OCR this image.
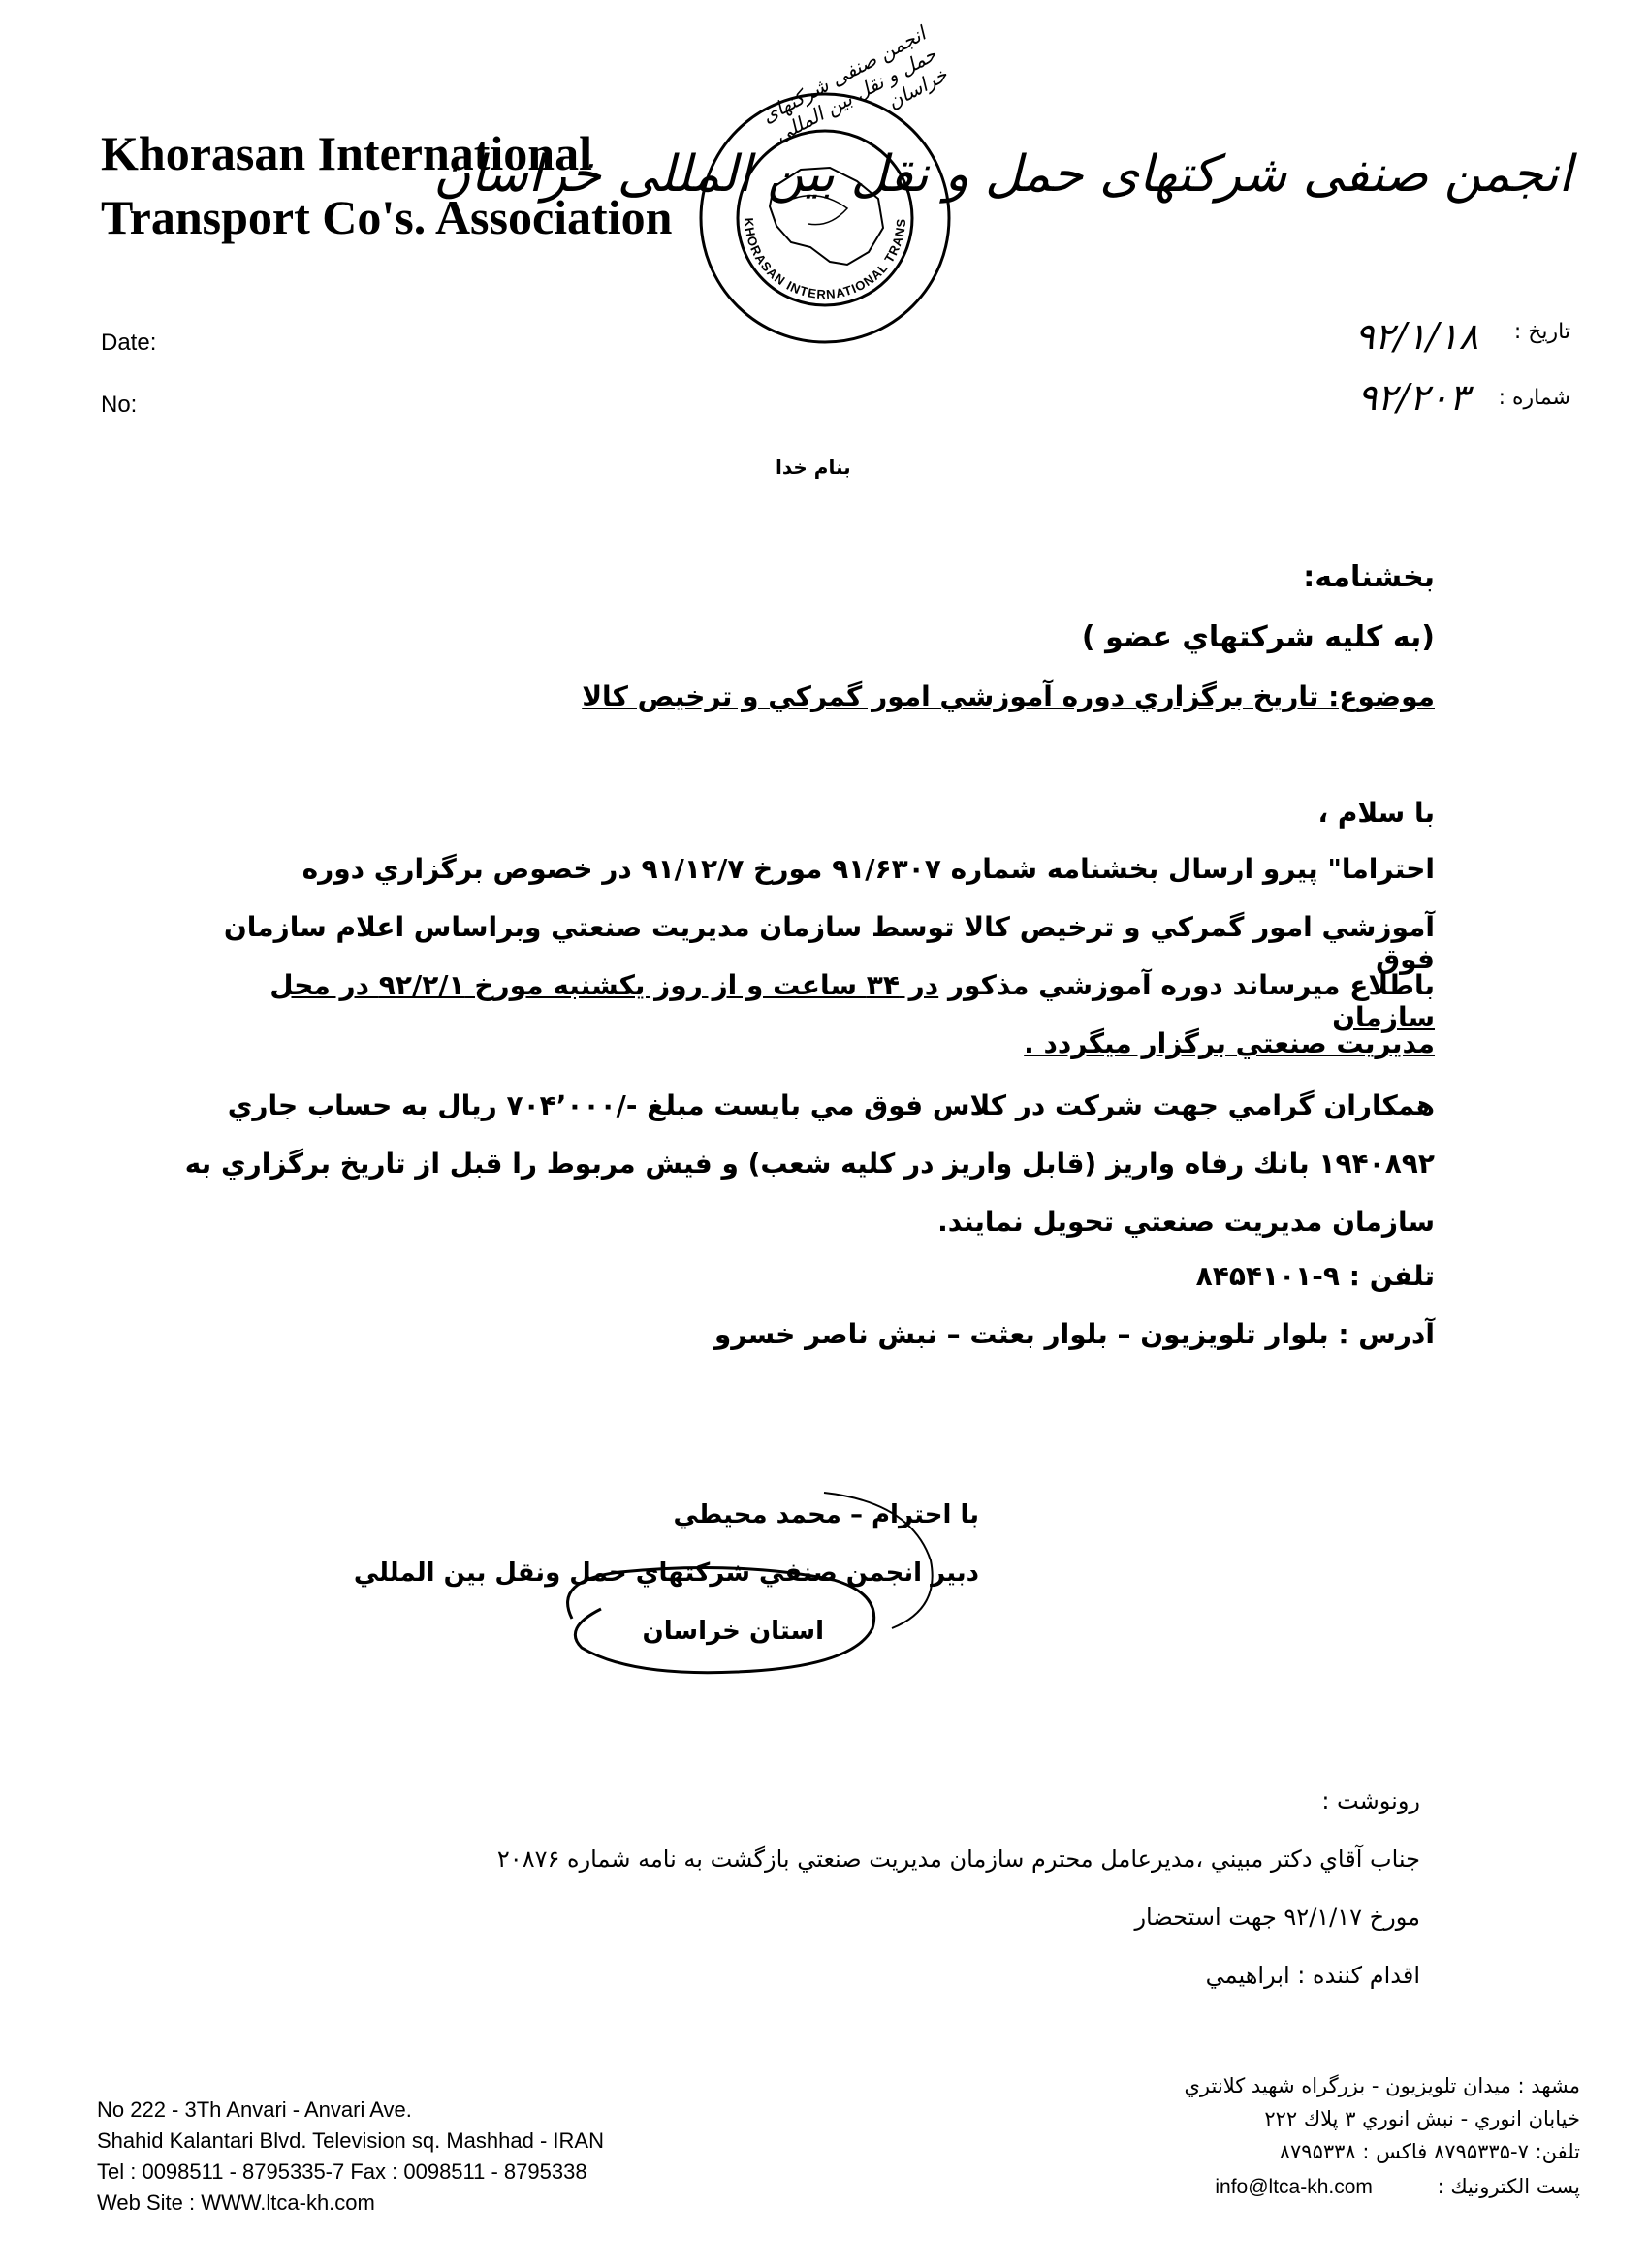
Khorasan International
Transport Co's. Association
Date:
No:
KHORASAN INTERNATIONAL TRANS
انجمن صنفی شرکتهای حمل و نقل بین المللی خراسان
انجمن صنفی شرکتهای حمل و نقل بین المللی خراسان
تاریخ :
۹۲/۱/۱۸
شماره :
۹۲/۲۰۳
بنام خدا
بخشنامه:
(به كليه شركتهاي عضو )
موضوع: تاريخ برگزاري دوره آموزشي امور گمركي و ترخيص كالا
با سلام ،
احتراما" پيرو ارسال بخشنامه شماره ۹۱/۶۳۰۷ مورخ ۹۱/۱۲/۷ در خصوص برگزاري دوره
آموزشي امور گمركي و ترخيص كالا توسط سازمان مديريت صنعتي وبراساس اعلام سازمان فوق
باطلاع ميرساند دوره آموزشي مذكور در ۳۴ ساعت و از روز يكشنبه مورخ ۹۲/۲/۱ در محل سازمان
مديريت صنعتي برگزار ميگردد .
همكاران گرامي جهت شركت در كلاس فوق مي بايست مبلغ -/۷۰۴٬۰۰۰ ريال به حساب جاري
۱۹۴۰۸۹۲ بانك رفاه واريز (قابل واريز در كليه شعب) و فيش مربوط را قبل از تاريخ برگزاري به
سازمان مديريت صنعتي تحويل نمايند.
تلفن : ۹-۸۴۵۴۱۰۱
آدرس : بلوار تلويزيون – بلوار بعثت – نبش ناصر خسرو
با احترام – محمد محيطي
دبير انجمن صنفي شركتهاي حمل ونقل بين المللي
استان خراسان
رونوشت :
جناب آقاي دكتر مبيني ،مديرعامل محترم سازمان مديريت صنعتي بازگشت به نامه شماره ۲۰۸۷۶
مورخ ۹۲/۱/۱۷ جهت استحضار
اقدام كننده : ابراهيمي
No 222 - 3Th Anvari - Anvari Ave.
Shahid Kalantari Blvd. Television sq. Mashhad - IRAN
Tel : 0098511 - 8795335-7 Fax : 0098511 - 8795338
Web Site : WWW.ltca-kh.com
مشهد : ميدان تلويزيون - بزرگراه شهيد كلانتري
خيابان انوري - نبش انوري ۳ پلاك ۲۲۲
تلفن: ۷-۸۷۹۵۳۳۵ فاكس : ۸۷۹۵۳۳۸
پست الكترونيك : info@ltca-kh.com
